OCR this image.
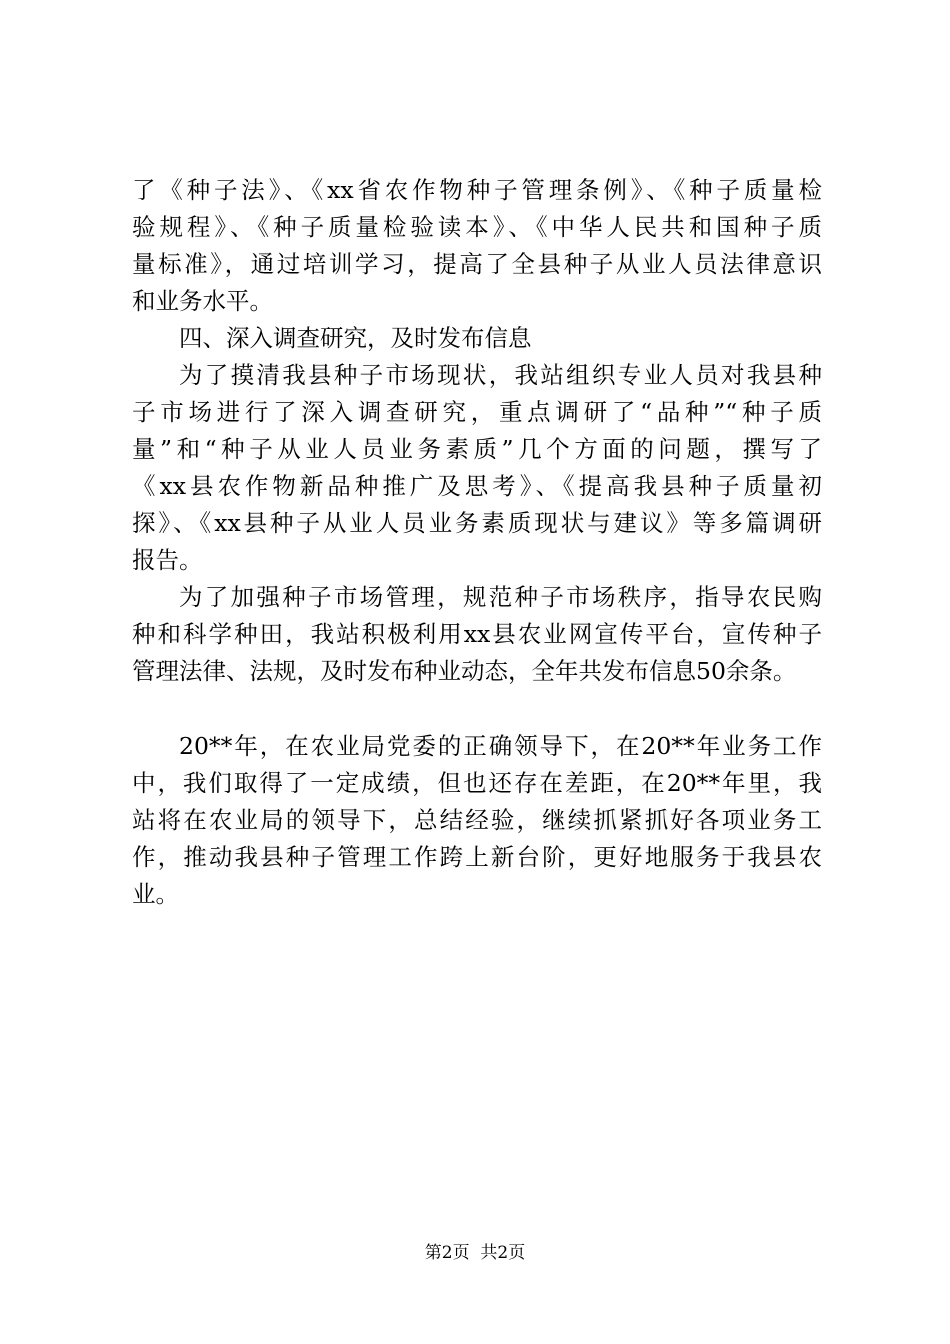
了《种子法》、《xx省农作物种子管理条例》、《种子质量检
验规程》、《种子质量检验读本》、《中华人民共和国种子质
量标准》，通过培训学习，提高了全县种子从业人员法律意识
和业务水平。
四、深入调查研究，及时发布信息
为了摸清我县种子市场现状，我站组织专业人员对我县种
子市场进行了深入调查研究，重点调研了“品种”“种子质
量”和“种子从业人员业务素质”几个方面的问题，撰写了
《xx县农作物新品种推广及思考》、《提高我县种子质量初
探》、《xx县种子从业人员业务素质现状与建议》等多篇调研
报告。
为了加强种子市场管理，规范种子市场秩序，指导农民购
种和科学种田，我站积极利用xx县农业网宣传平台，宣传种子
管理法律、法规，及时发布种业动态，全年共发布信息50余条。
20**年，在农业局党委的正确领导下，在20**年业务工作
中，我们取得了一定成绩，但也还存在差距，在20**年里，我
站将在农业局的领导下，总结经验，继续抓紧抓好各项业务工
作，推动我县种子管理工作跨上新台阶，更好地服务于我县农
业。
第2页  共2页
